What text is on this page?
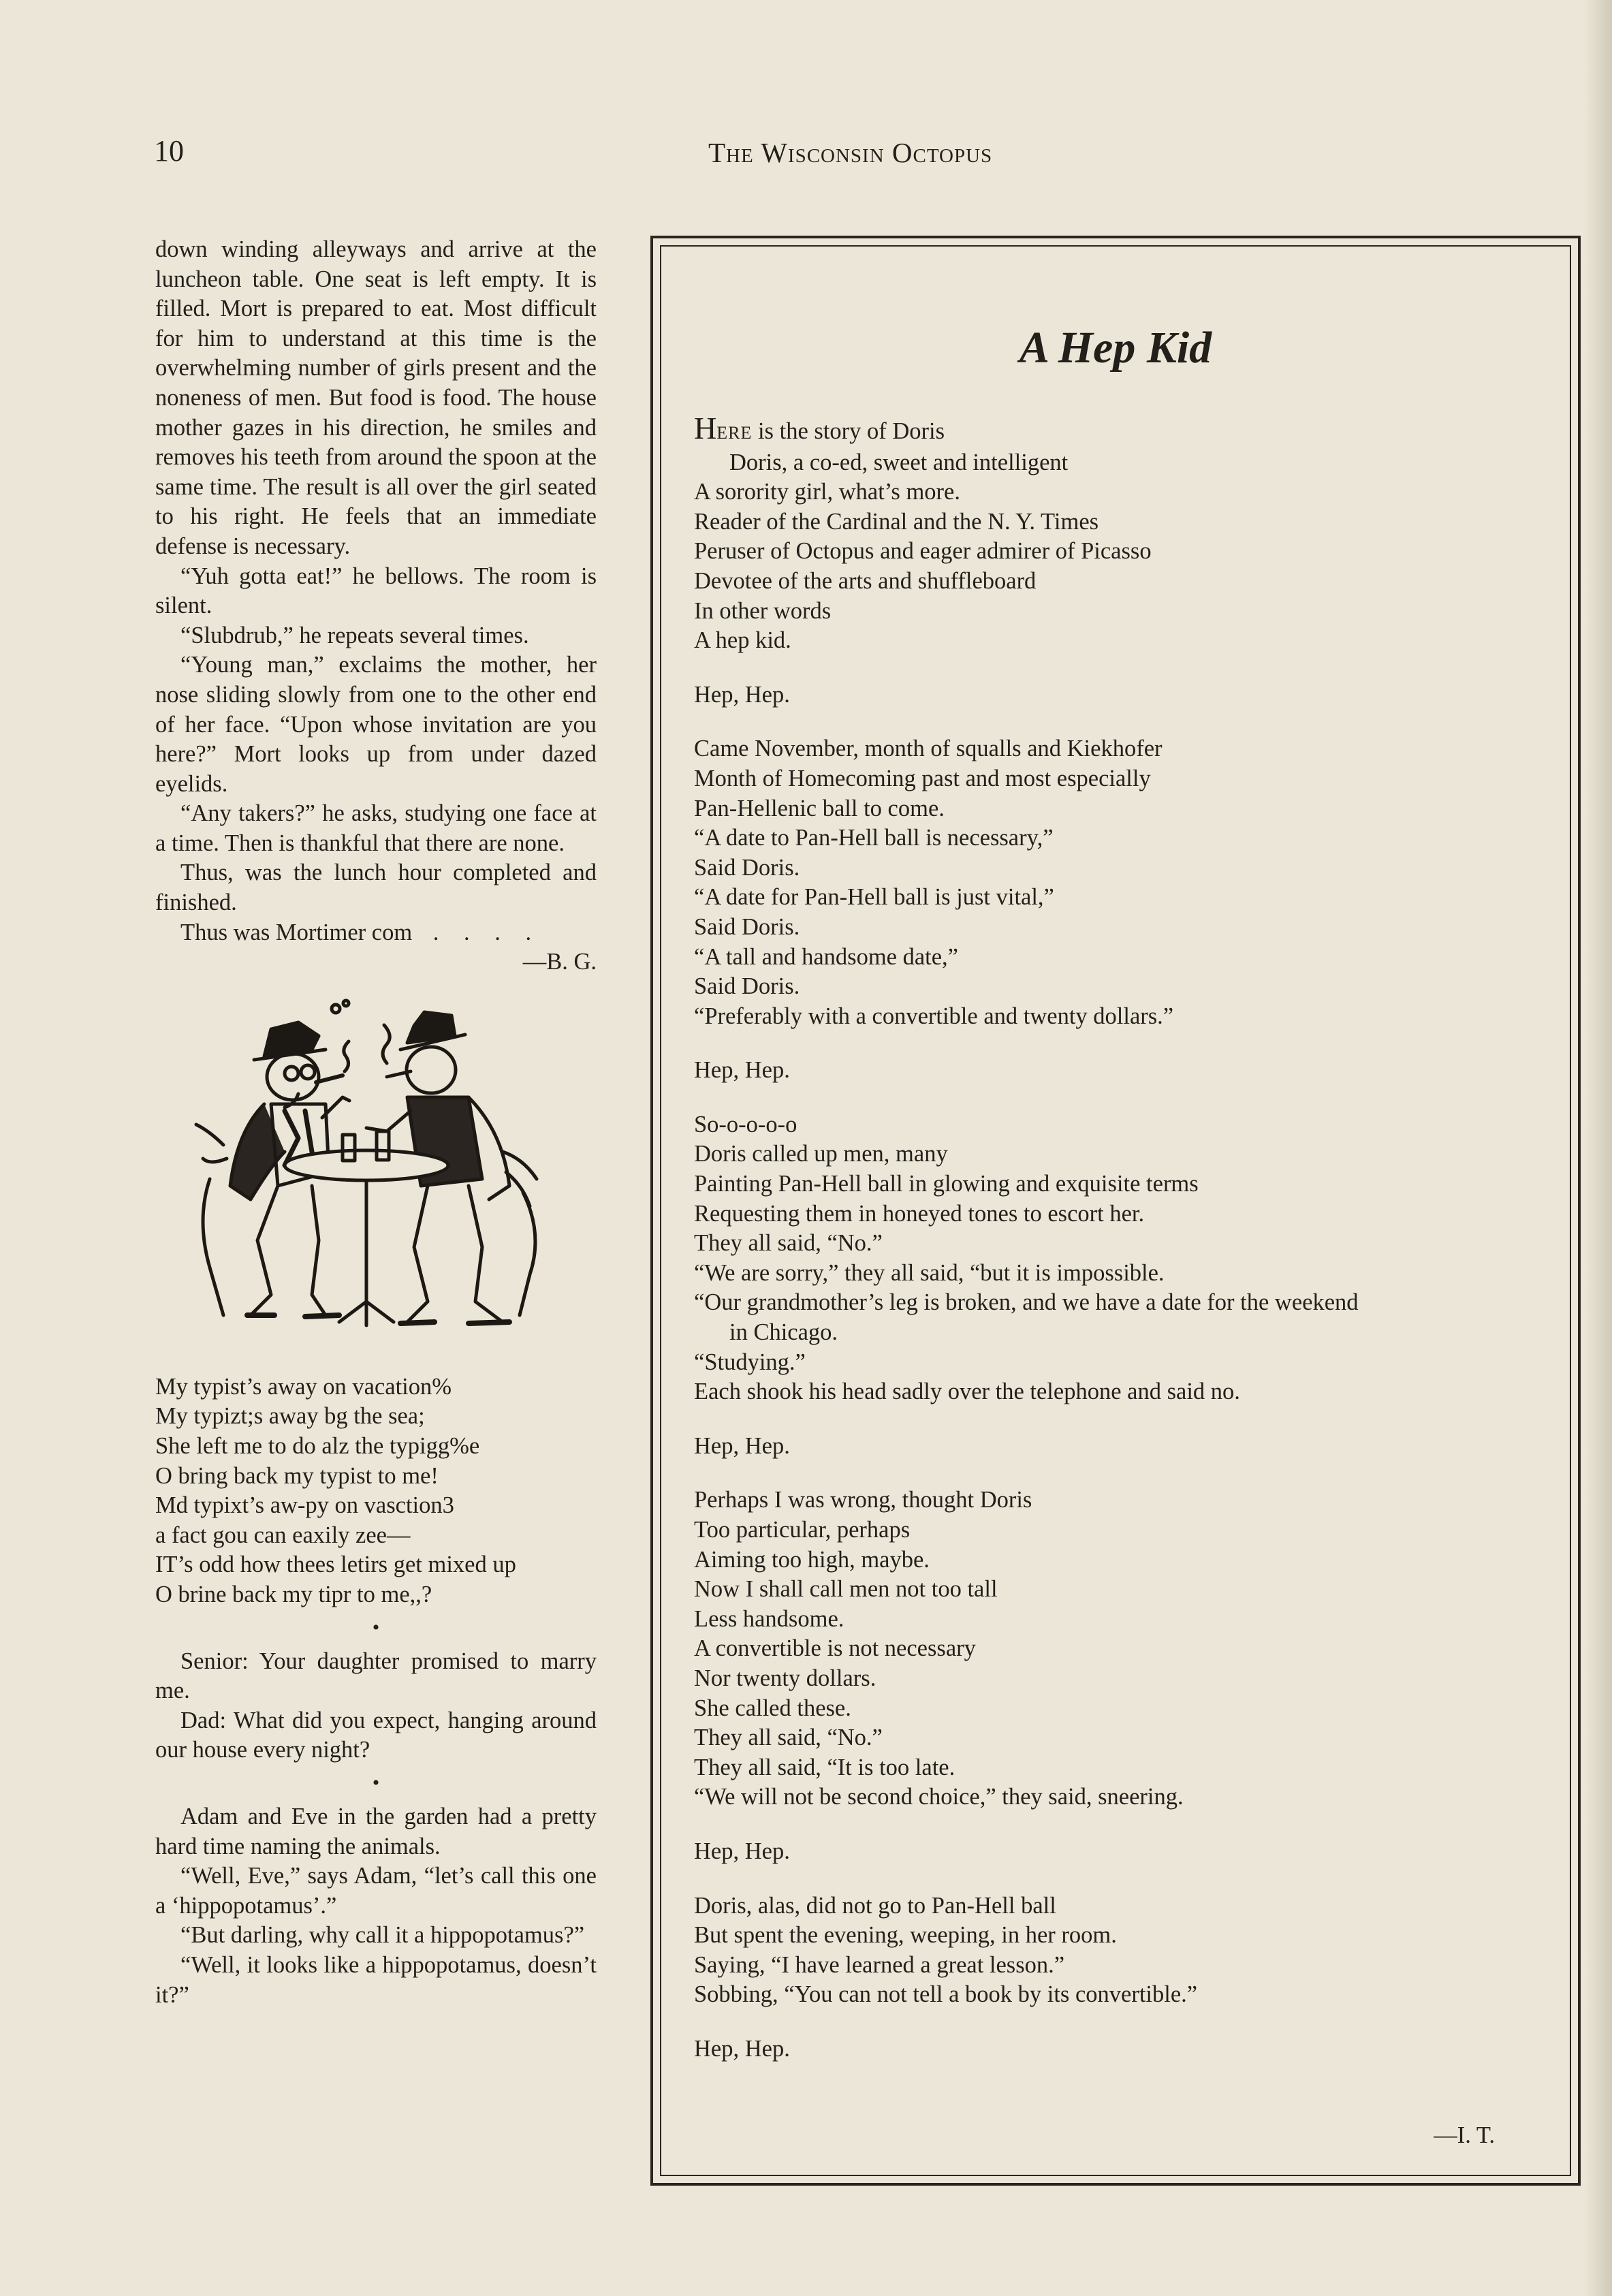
10	The Wisconsin Octopus

down winding alleyways and arrive at the luncheon table. One seat is left empty. It is filled. Mort is prepared to eat. Most difficult for him to understand at this time is the overwhelming number of girls present and the noneness of men. But food is food. The house mother gazes in his direction, he smiles and removes his teeth from around the spoon at the same time. The result is all over the girl seated to his right. He feels that an immediate defense is necessary.

“Yuh gotta eat!” he bellows. The room is silent.

“Slubdrub,” he repeats several times.

“Young man,” exclaims the mother, her nose sliding slowly from one to the other end of her face. “Upon whose invitation are you here?” Mort looks up from under dazed eyelids.

“Any takers?” he asks, studying one face at a time. Then is thankful that there are none.

Thus, was the lunch hour completed and finished.

Thus was Mortimer com . . . .

—B. G.

My typist’s away on vacation%

My typizt;s away bg the sea;

She left me to do alz the typigg%e

O bring back my typist to me!

Md typixt’s aw-py on vasction3

a fact gou can eaxily zee—

IT’s odd how thees letirs get mixed up

O brine back my tipr to me,,?

•

Senior: Your daughter promised to marry me.

Dad: What did you expect, hanging around our house every night?

•

Adam and Eve in the garden had a pretty hard time naming the animals.

“Well, Eve,” says Adam, “let’s call this one a ‘hippopotamus’.”

“But darling, why call it a hippopotamus?”

“Well, it looks like a hippopotamus, doesn’t it?”

A Hep Kid

HERE is the story of Doris

Doris, a co-ed, sweet and intelligent

A sorority girl, what’s more.

Reader of the Cardinal and the N. Y. Times

Peruser of Octopus and eager admirer of Picasso

Devotee of the arts and shuffleboard

In other words

A hep kid.

Hep, Hep.

Came November, month of squalls and Kiekhofer

Month of Homecoming past and most especially

Pan-Hellenic ball to come.

“A date to Pan-Hell ball is necessary,”

Said Doris.

“A date for Pan-Hell ball is just vital,”

Said Doris.

“A tall and handsome date,”

Said Doris.

“Preferably with a convertible and twenty dollars.”

Hep, Hep.

So-o-o-o-o

Doris called up men, many

Painting Pan-Hell ball in glowing and exquisite terms

Requesting them in honeyed tones to escort her.

They all said, “No.”

“We are sorry,” they all said, “but it is impossible.

“Our grandmother’s leg is broken, and we have a date for the weekend

in Chicago.

“Studying.”

Each shook his head sadly over the telephone and said no.

Hep, Hep.

Perhaps I was wrong, thought Doris

Too particular, perhaps

Aiming too high, maybe.

Now I shall call men not too tall

Less handsome.

A convertible is not necessary

Nor twenty dollars.

She called these.

They all said, “No.”

They all said, “It is too late.

“We will not be second choice,” they said, sneering.

Hep, Hep.

Doris, alas, did not go to Pan-Hell ball

But spent the evening, weeping, in her room.

Saying, “I have learned a great lesson.”

Sobbing, “You can not tell a book by its convertible.”

Hep, Hep.

—I. T.
